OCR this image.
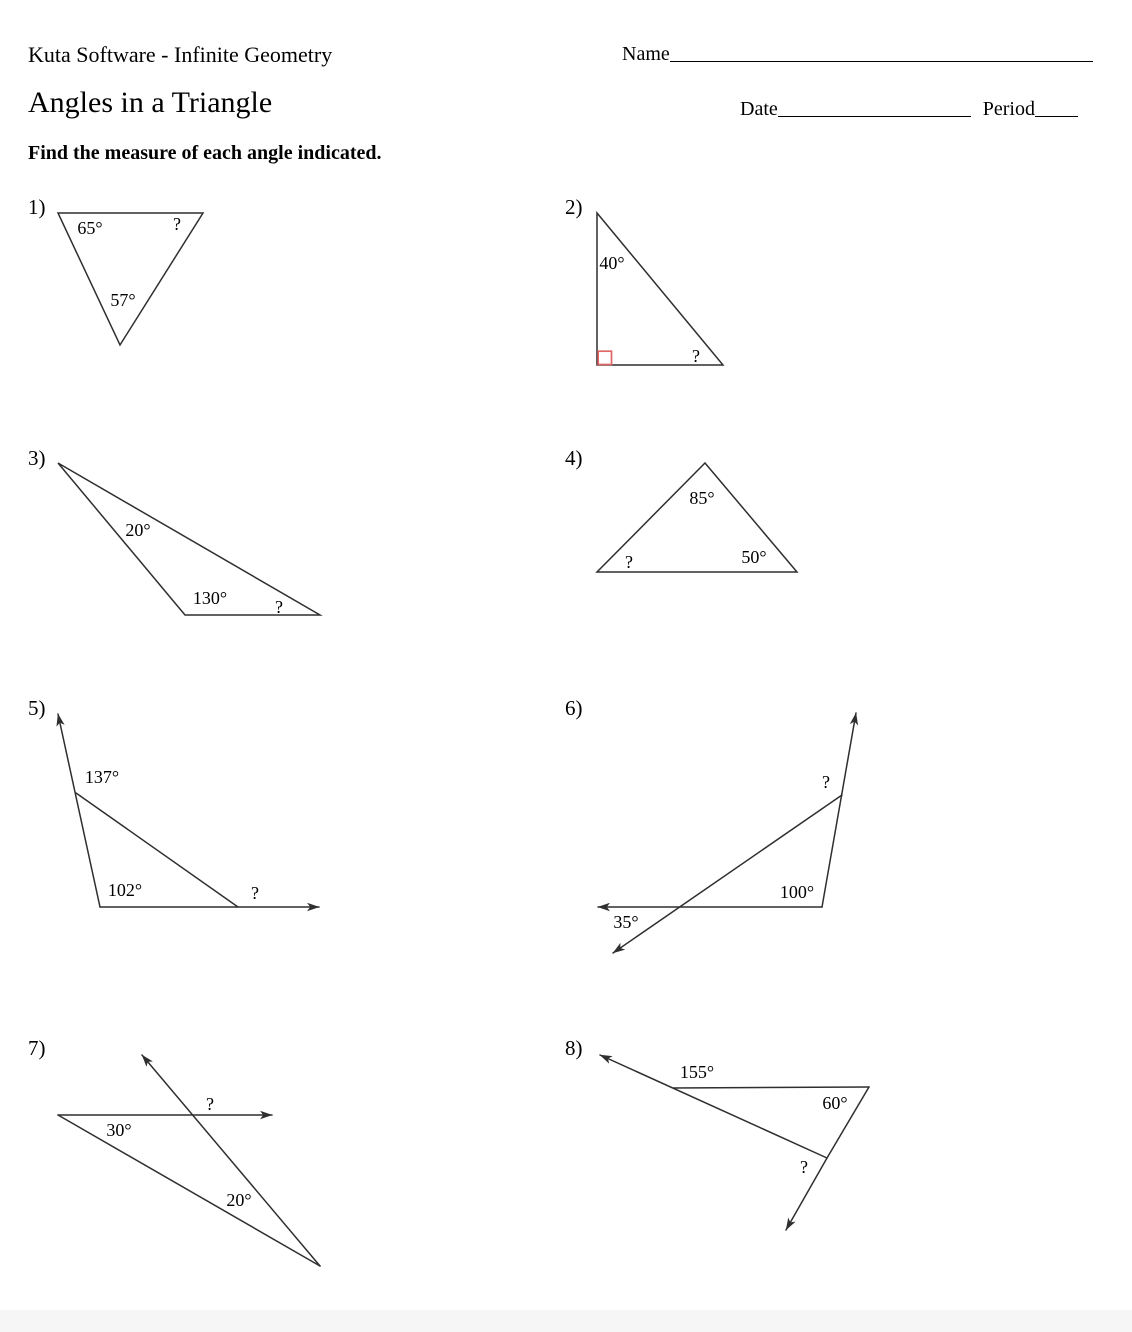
Kuta Software - Infinite Geometry
Angles in a Triangle
Name
Date	Period
Find the measure of each angle indicated.
1)	2)
3)	4)
5)	6)
7)	8)
65°	?
57°
40°
?
20°
130°	?
85°
?	50°
137°
102°	?
?
100°
35°
?
30°
20°
155°
60°
?
